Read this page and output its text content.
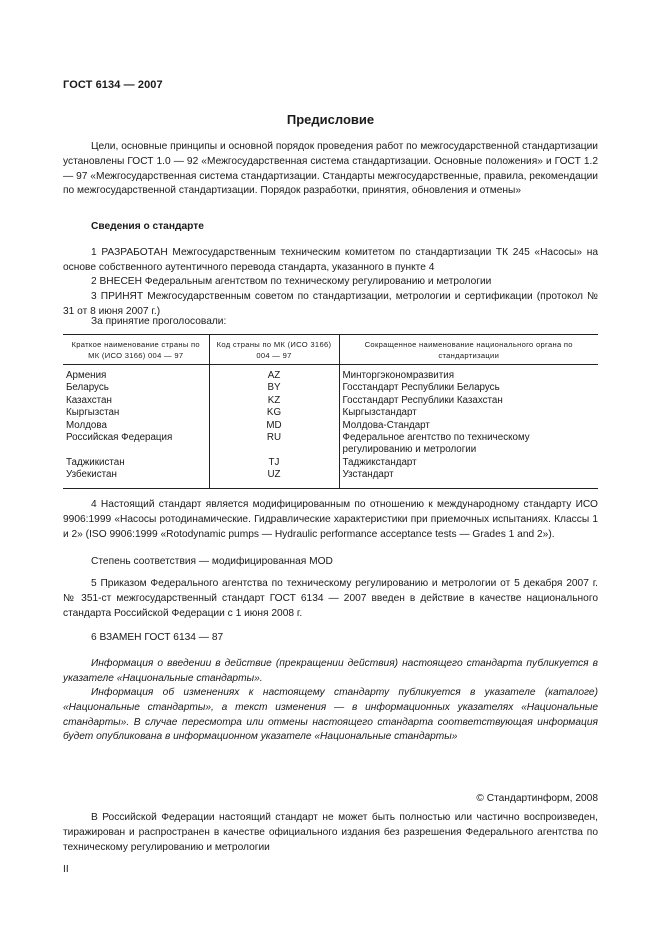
ГОСТ 6134 — 2007
Предисловие

Цели, основные принципы и основной порядок проведения работ по межгосударственной стандартизации установлены ГОСТ 1.0 — 92 «Межгосударственная система стандартизации. Основные положения» и ГОСТ 1.2 — 97 «Межгосударственная система стандартизации. Стандарты межгосударственные, правила, рекомендации по межгосударственной стандартизации. Порядок разработки, принятия, обновления и отмены»

Сведения о стандарте

1 РАЗРАБОТАН Межгосударственным техническим комитетом по стандартизации ТК 245 «Насосы» на основе собственного аутентичного перевода стандарта, указанного в пункте 4

2 ВНЕСЕН Федеральным агентством по техническому регулированию и метрологии

3 ПРИНЯТ Межгосударственным советом по стандартизации, метрологии и сертификации (протокол № 31 от 8 июня 2007 г.)

За принятие проголосовали:

Краткое наименование страны по МК (ИСО 3166) 004 — 97	Код страны по МК (ИСО 3166) 004 — 97	Сокращенное наименование национального органа по стандартизации
Армения	AZ	Минторгэкономразвития
Беларусь	BY	Госстандарт Республики Беларусь
Казахстан	KZ	Госстандарт Республики Казахстан
Кыргызстан	KG	Кыргызстандарт
Молдова	MD	Молдова-Стандарт
Российская Федерация	RU	Федеральное агентство по техническому регулированию и метрологии
Таджикистан	TJ	Таджикстандарт
Узбекистан	UZ	Узстандарт

4 Настоящий стандарт является модифицированным по отношению к международному стандарту ИСО 9906:1999 «Насосы ротодинамические. Гидравлические характеристики при приемочных испытаниях. Классы 1 и 2» (ISO 9906:1999 «Rotodynamic pumps — Hydraulic performance acceptance tests — Grades 1 and 2»).

Степень соответствия — модифицированная MOD

5 Приказом Федерального агентства по техническому регулированию и метрологии от 5 декабря 2007 г. № 351-ст межгосударственный стандарт ГОСТ 6134 — 2007 введен в действие в качестве национального стандарта Российской Федерации с 1 июня 2008 г.

6 ВЗАМЕН ГОСТ 6134 — 87

Информация о введении в действие (прекращении действия) настоящего стандарта публикуется в указателе «Национальные стандарты».

Информация об изменениях к настоящему стандарту публикуется в указателе (каталоге) «Национальные стандарты», а текст изменения — в информационных указателях «Национальные стандарты». В случае пересмотра или отмены настоящего стандарта соответствующая информация будет опубликована в информационном указателе «Национальные стандарты»

© Стандартинформ, 2008

В Российской Федерации настоящий стандарт не может быть полностью или частично воспроизведен, тиражирован и распространен в качестве официального издания без разрешения Федерального агентства по техническому регулированию и метрологии

II
